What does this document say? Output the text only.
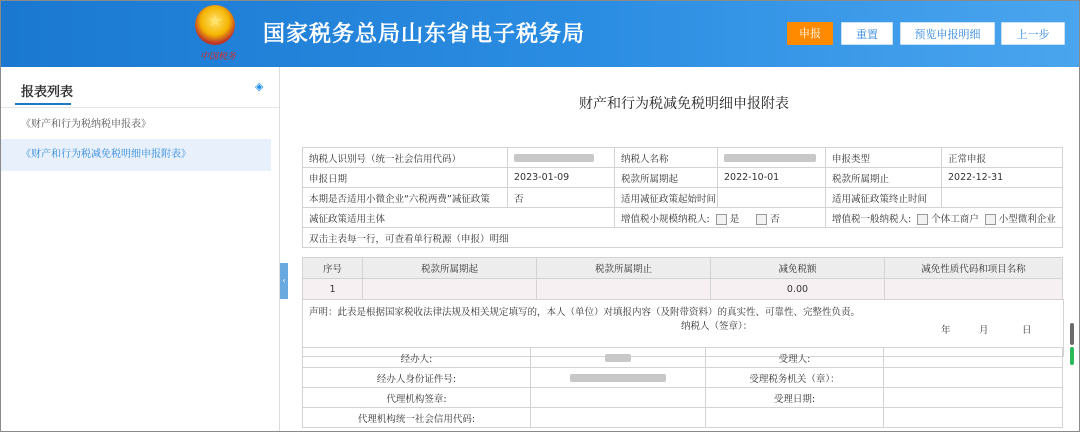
★
中国税务
国家税务总局山东省电子税务局	申报	重置	预览申报明细	上一步
报表列表	◈
《财产和行为税纳税申报表》
《财产和行为税减免税明细申报附表》
‹
财产和行为税减免税明细申报附表
纳税人识别号（统一社会信用代码）		纳税人名称		申报类型	正常申报
申报日期	2023-01-09	税款所属期起	2022-10-01	税款所属期止	2022-12-31
本期是否适用小微企业“六税两费”减征政策	否	适用减征政策起始时间		适用减征政策终止时间	
减征政策适用主体		增值税小规模纳税人: 是 否		增值税一般纳税人: 个体工商户 小型微利企业	
双击主表每一行，可查看单行税源（申报）明细					
序号	税款所属期起	税款所属期止	减免税额	减免性质代码和项目名称
1			0.00	
声明：此表是根据国家税收法律法规及相关规定填写的，本人（单位）对填报内容（及附带资料）的真实性、可靠性、完整性负责。
纳税人（签章）：	年	月	日
经办人:		受理人:	
经办人身份证件号:		受理税务机关（章）：	
代理机构签章:		受理日期:	
代理机构统一社会信用代码:			
